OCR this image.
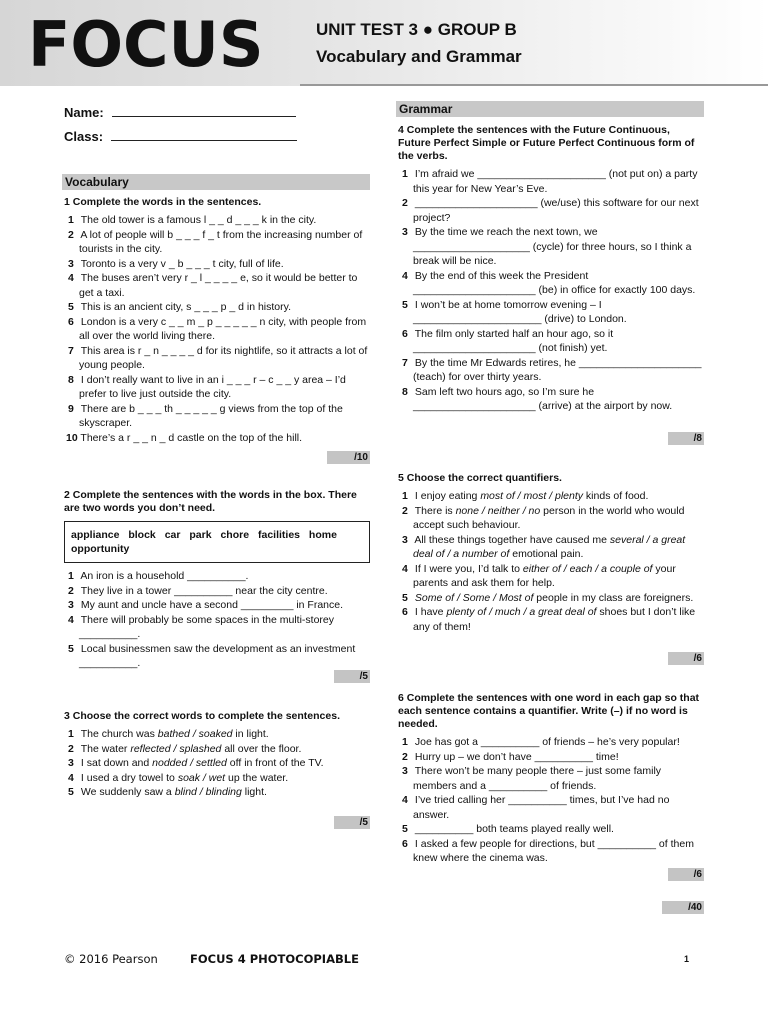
FOCUS	UNIT TEST 3 ● GROUP B
Vocabulary and Grammar
Name:
Class:
Vocabulary
1 Complete the words in the sentences.
1 The old tower is a famous l _ _ d _ _ _ k in the city.
2 A lot of people will b _ _ _ f _ t from the increasing number of tourists in the city.
3 Toronto is a very v _ b _ _ _ t city, full of life.
4 The buses aren’t very r _ l _ _ _ _ e, so it would be better to get a taxi.
5 This is an ancient city, s _ _ _ p _ d in history.
6 London is a very c _ _ m _ p _ _ _ _ _ n city, with people from all over the world living there.
7 This area is r _ n _ _ _ _ d for its nightlife, so it attracts a lot of young people.
8 I don’t really want to live in an i _ _ _ r – c _ _ y area – I’d prefer to live just outside the city.
9 There are b _ _ _ th _ _ _ _ _ g views from the top of the skyscraper.
10 There’s a r _ _ n _ d castle on the top of the hill.
/10
2 Complete the sentences with the words in the box. There are two words you don’t need.
appliance block car park chore facilities home opportunity
1 An iron is a household __________.
2 They live in a tower __________ near the city centre.
3 My aunt and uncle have a second _________ in France.
4 There will probably be some spaces in the multi-storey __________.
5 Local businessmen saw the development as an investment __________.
/5
3 Choose the correct words to complete the sentences.
1 The church was bathed / soaked in light.
2 The water reflected / splashed all over the floor.
3 I sat down and nodded / settled off in front of the TV.
4 I used a dry towel to soak / wet up the water.
5 We suddenly saw a blind / blinding light.
/5
Grammar
4 Complete the sentences with the Future Continuous, Future Perfect Simple or Future Perfect Continuous form of the verbs.
1 I’m afraid we ______________________ (not put on) a party this year for New Year’s Eve.
2 _____________________ (we/use) this software for our next project?
3 By the time we reach the next town, we ____________________ (cycle) for three hours, so I think a break will be nice.
4 By the end of this week the President _____________________ (be) in office for exactly 100 days.
5 I won’t be at home tomorrow evening – I ______________________ (drive) to London.
6 The film only started half an hour ago, so it _____________________ (not finish) yet.
7 By the time Mr Edwards retires, he _____________________ (teach) for over thirty years.
8 Sam left two hours ago, so I’m sure he _____________________ (arrive) at the airport by now.
/8
5 Choose the correct quantifiers.
1 I enjoy eating most of / most / plenty kinds of food.
2 There is none / neither / no person in the world who would accept such behaviour.
3 All these things together have caused me several / a great deal of / a number of emotional pain.
4 If I were you, I’d talk to either of / each / a couple of your parents and ask them for help.
5 Some of / Some / Most of people in my class are foreigners.
6 I have plenty of / much / a great deal of shoes but I don’t like any of them!
/6
6 Complete the sentences with one word in each gap so that each sentence contains a quantifier. Write (–) if no word is needed.
1 Joe has got a __________ of friends – he’s very popular!
2 Hurry up – we don’t have __________ time!
3 There won’t be many people there – just some family members and a __________ of friends.
4 I’ve tried calling her __________ times, but I’ve had no answer.
5 __________ both teams played really well.
6 I asked a few people for directions, but __________ of them knew where the cinema was.
/6
/40
© 2016 Pearson	FOCUS 4 PHOTOCOPIABLE	1
